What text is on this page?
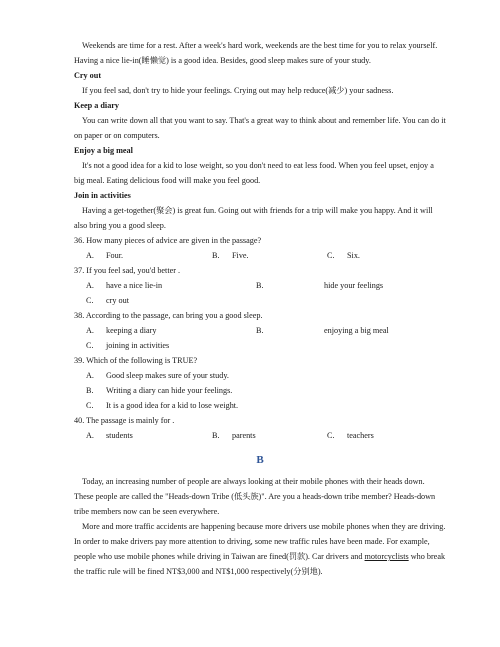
Weekends are time for a rest. After a week's hard work, weekends are the best time for you to relax yourself. Having a nice lie-in(睡懒觉) is a good idea. Besides, good sleep makes sure of your study.

Cry out

If you feel sad, don't try to hide your feelings. Crying out may help reduce(减少) your sadness.

Keep a diary

You can write down all that you want to say. That's a great way to think about and remember life. You can do it on paper or on computers.

Enjoy a big meal

It's not a good idea for a kid to lose weight, so you don't need to eat less food. When you feel upset, enjoy a big meal. Eating delicious food will make you feel good.

Join in activities

Having a get-together(聚会) is great fun. Going out with friends for a trip will make you happy. And it will also bring you a good sleep.

36. How many pieces of advice are given in the passage?

A.	Four.	B.	Five.	C.	Six.

37. If you feel sad, you'd better .

A.	have a nice lie-in	B.	hide your feelings
C.	cry out

38. According to the passage, can bring you a good sleep.

A.	keeping a diary	B.	enjoying a big meal
C.	joining in activities

39. Which of the following is TRUE?

A.	Good sleep makes sure of your study.
B.	Writing a diary can hide your feelings.
C.	It is a good idea for a kid to lose weight.

40. The passage is mainly for .

A.	students	B.	parents	C.	teachers

B

Today, an increasing number of people are always looking at their mobile phones with their heads down. These people are called the "Heads-down Tribe (低头族)". Are you a heads-down tribe member? Heads-down tribe members now can be seen everywhere.

More and more traffic accidents are happening because more drivers use mobile phones when they are driving. In order to make drivers pay more attention to driving, some new traffic rules have been made. For example, people who use mobile phones while driving in Taiwan are fined(罚款). Car drivers and motorcyclists who break the traffic rule will be fined NT$3,000 and NT$1,000 respectively(分别地).
